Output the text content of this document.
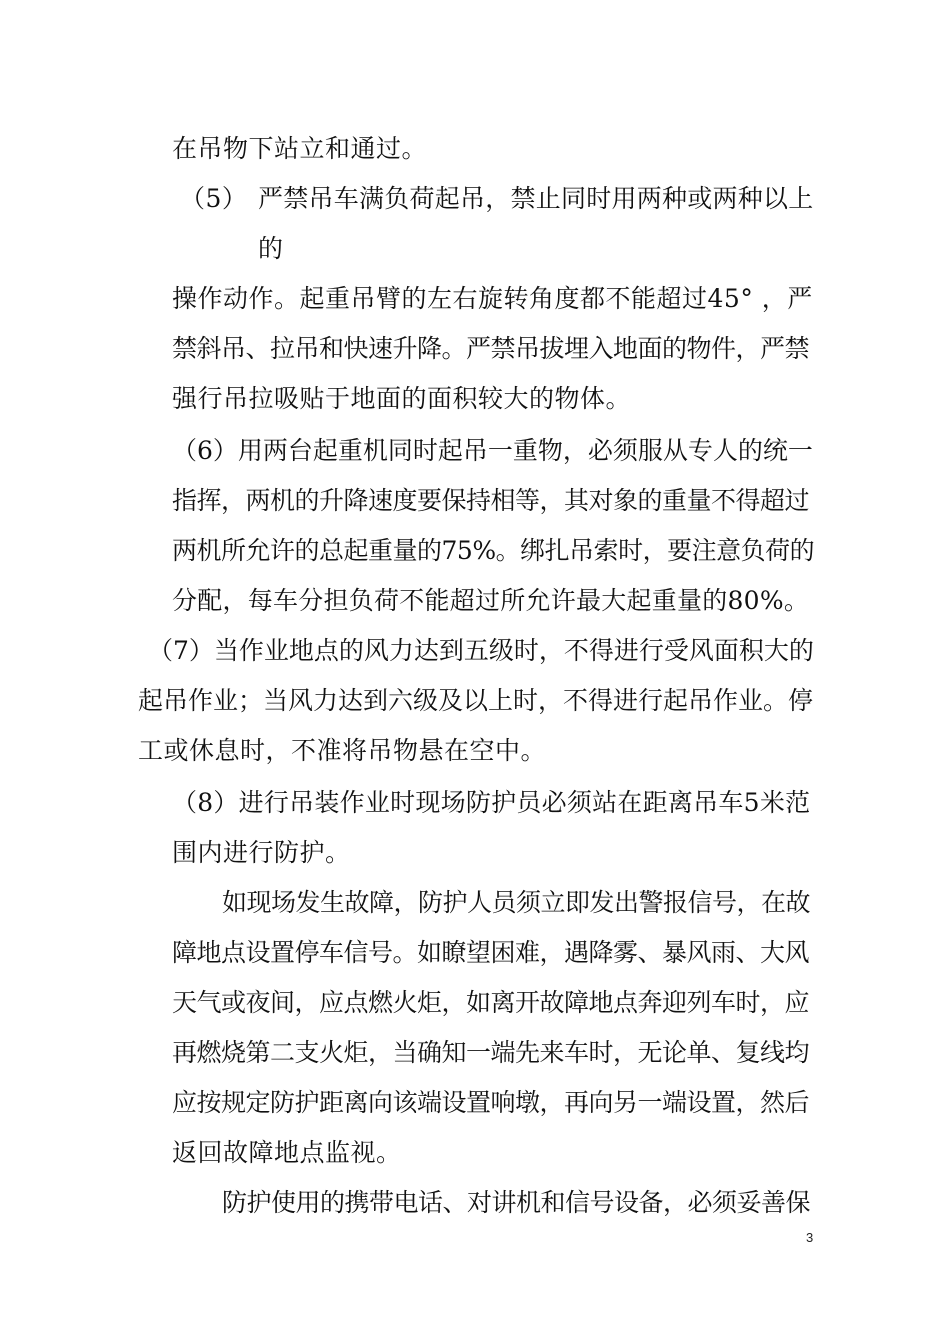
在吊物下站立和通过。
（5） 严禁吊车满负荷起吊，禁止同时用两种或两种以上
的
操作动作。起重吊臂的左右旋转角度都不能超过45° ，严
禁斜吊、拉吊和快速升降。严禁吊拔埋入地面的物件，严禁
强行吊拉吸贴于地面的面积较大的物体。
（6）用两台起重机同时起吊一重物，必须服从专人的统一
指挥，两机的升降速度要保持相等，其对象的重量不得超过
两机所允许的总起重量的75%。绑扎吊索时，要注意负荷的
分配，每车分担负荷不能超过所允许最大起重量的80%。
（7）当作业地点的风力达到五级时，不得进行受风面积大的
起吊作业；当风力达到六级及以上时，不得进行起吊作业。停
工或休息时，不准将吊物悬在空中。
（8）进行吊装作业时现场防护员必须站在距离吊车5米范
围内进行防护。
如现场发生故障，防护人员须立即发出警报信号，在故
障地点设置停车信号。如瞭望困难，遇降雾、暴风雨、大风
天气或夜间，应点燃火炬，如离开故障地点奔迎列车时，应
再燃烧第二支火炬，当确知一端先来车时，无论单、复线均
应按规定防护距离向该端设置响墩，再向另一端设置，然后
返回故障地点监视。
防护使用的携带电话、对讲机和信号设备，必须妥善保
3
